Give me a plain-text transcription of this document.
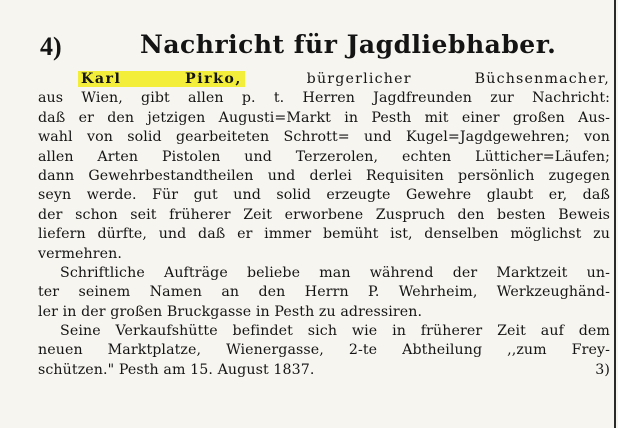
4)	Nachricht für Jagdliebhaber.
Karl Pirko,	bürgerlicher Büchsenmacher,
aus Wien, gibt allen p. t. Herren Jagdfreunden zur Nachricht:
daß er den jetzigen Augusti=Markt in Pesth mit einer großen Aus-
wahl von solid gearbeiteten Schrott= und Kugel=Jagdgewehren; von
allen Arten Pistolen und Terzerolen, echten Lütticher=Läufen;
dann Gewehrbestandtheilen und derlei Requisiten persönlich zugegen
seyn werde. Für gut und solid erzeugte Gewehre glaubt er, daß
der schon seit früherer Zeit erworbene Zuspruch den besten Beweis
liefern dürfte, und daß er immer bemüht ist, denselben möglichst zu
vermehren.
Schriftliche Aufträge beliebe man während der Marktzeit un-
ter seinem Namen an den Herrn P. Wehrheim, Werkzeughänd-
ler in der großen Bruckgasse in Pesth zu adressiren.
Seine Verkaufshütte befindet sich wie in früherer Zeit auf dem
neuen Marktplatze, Wienergasse, 2-te Abtheilung ,,zum Frey-
schützen." Pesth am 15. August 1837.	3)
